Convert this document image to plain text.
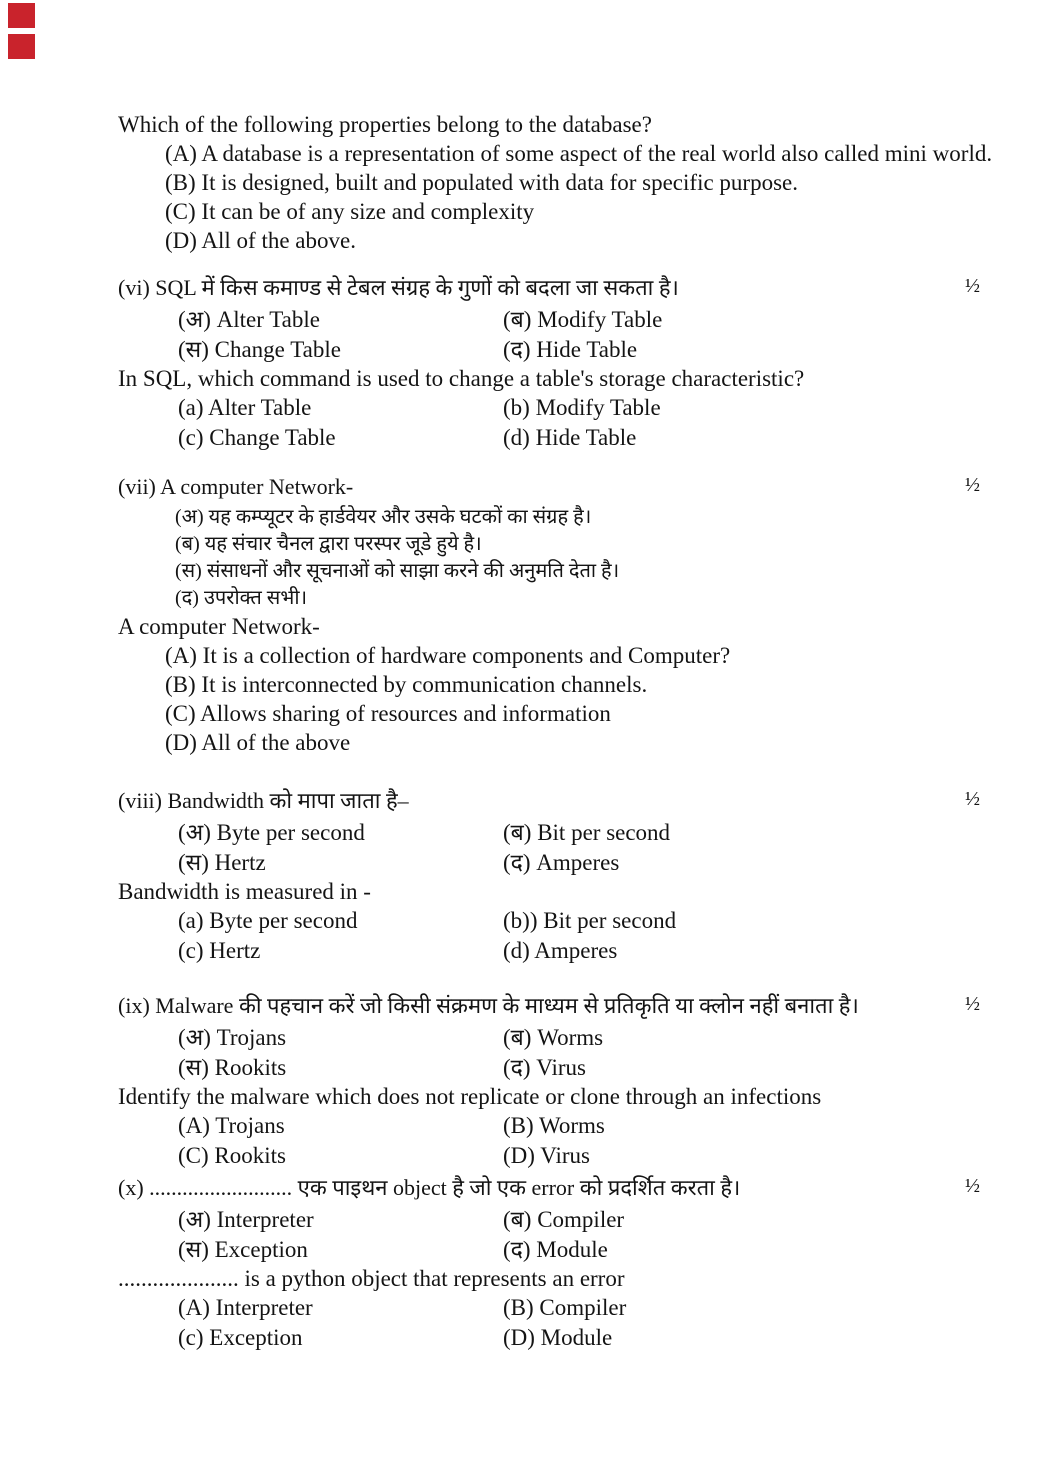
Which of the following properties belong to the database?

(A) A database is a representation of some aspect of the real world also called mini world.

(B) It is designed, built and populated with data for specific purpose.

(C) It can be of any size and complexity

(D) All of the above.

(vi) SQL में किस कमाण्ड से टेबल संग्रह के गुणों को बदला जा सकता है।	½

(अ) Alter Table	(ब) Modify Table

(स) Change Table	(द) Hide Table

In SQL, which command is used to change a table's storage characteristic?

(a) Alter Table	(b) Modify Table

(c) Change Table	(d) Hide Table

(vii) A computer Network-	½

(अ) यह कम्प्यूटर के हार्डवेयर और उसके घटकों का संग्रह है।

(ब) यह संचार चैनल द्वारा परस्पर जूडे हुये है।

(स) संसाधनों और सूचनाओं को साझा करने की अनुमति देता है।

(द) उपरोक्त सभी।

A computer Network-

(A) It is a collection of hardware components and Computer?

(B) It is interconnected by communication channels.

(C) Allows sharing of resources and information

(D) All of the above

(viii) Bandwidth को मापा जाता है–	½

(अ) Byte per second	(ब) Bit per second

(स) Hertz	(द) Amperes

Bandwidth is measured in -

(a) Byte per second	(b)) Bit per second

(c) Hertz	(d) Amperes

(ix) Malware की पहचान करें जो किसी संक्रमण के माध्यम से प्रतिकृति या क्लोन नहीं बनाता है।	½

(अ) Trojans	(ब) Worms

(स) Rookits	(द) Virus

Identify the malware which does not replicate or clone through an infections

(A) Trojans	(B) Worms

(C) Rookits	(D) Virus

(x) .......................... एक पाइथन object है जो एक error को प्रदर्शित करता है।	½

(अ) Interpreter	(ब) Compiler

(स) Exception	(द) Module

..................... is a python object that represents an error

(A) Interpreter	(B) Compiler

(c) Exception	(D) Module
